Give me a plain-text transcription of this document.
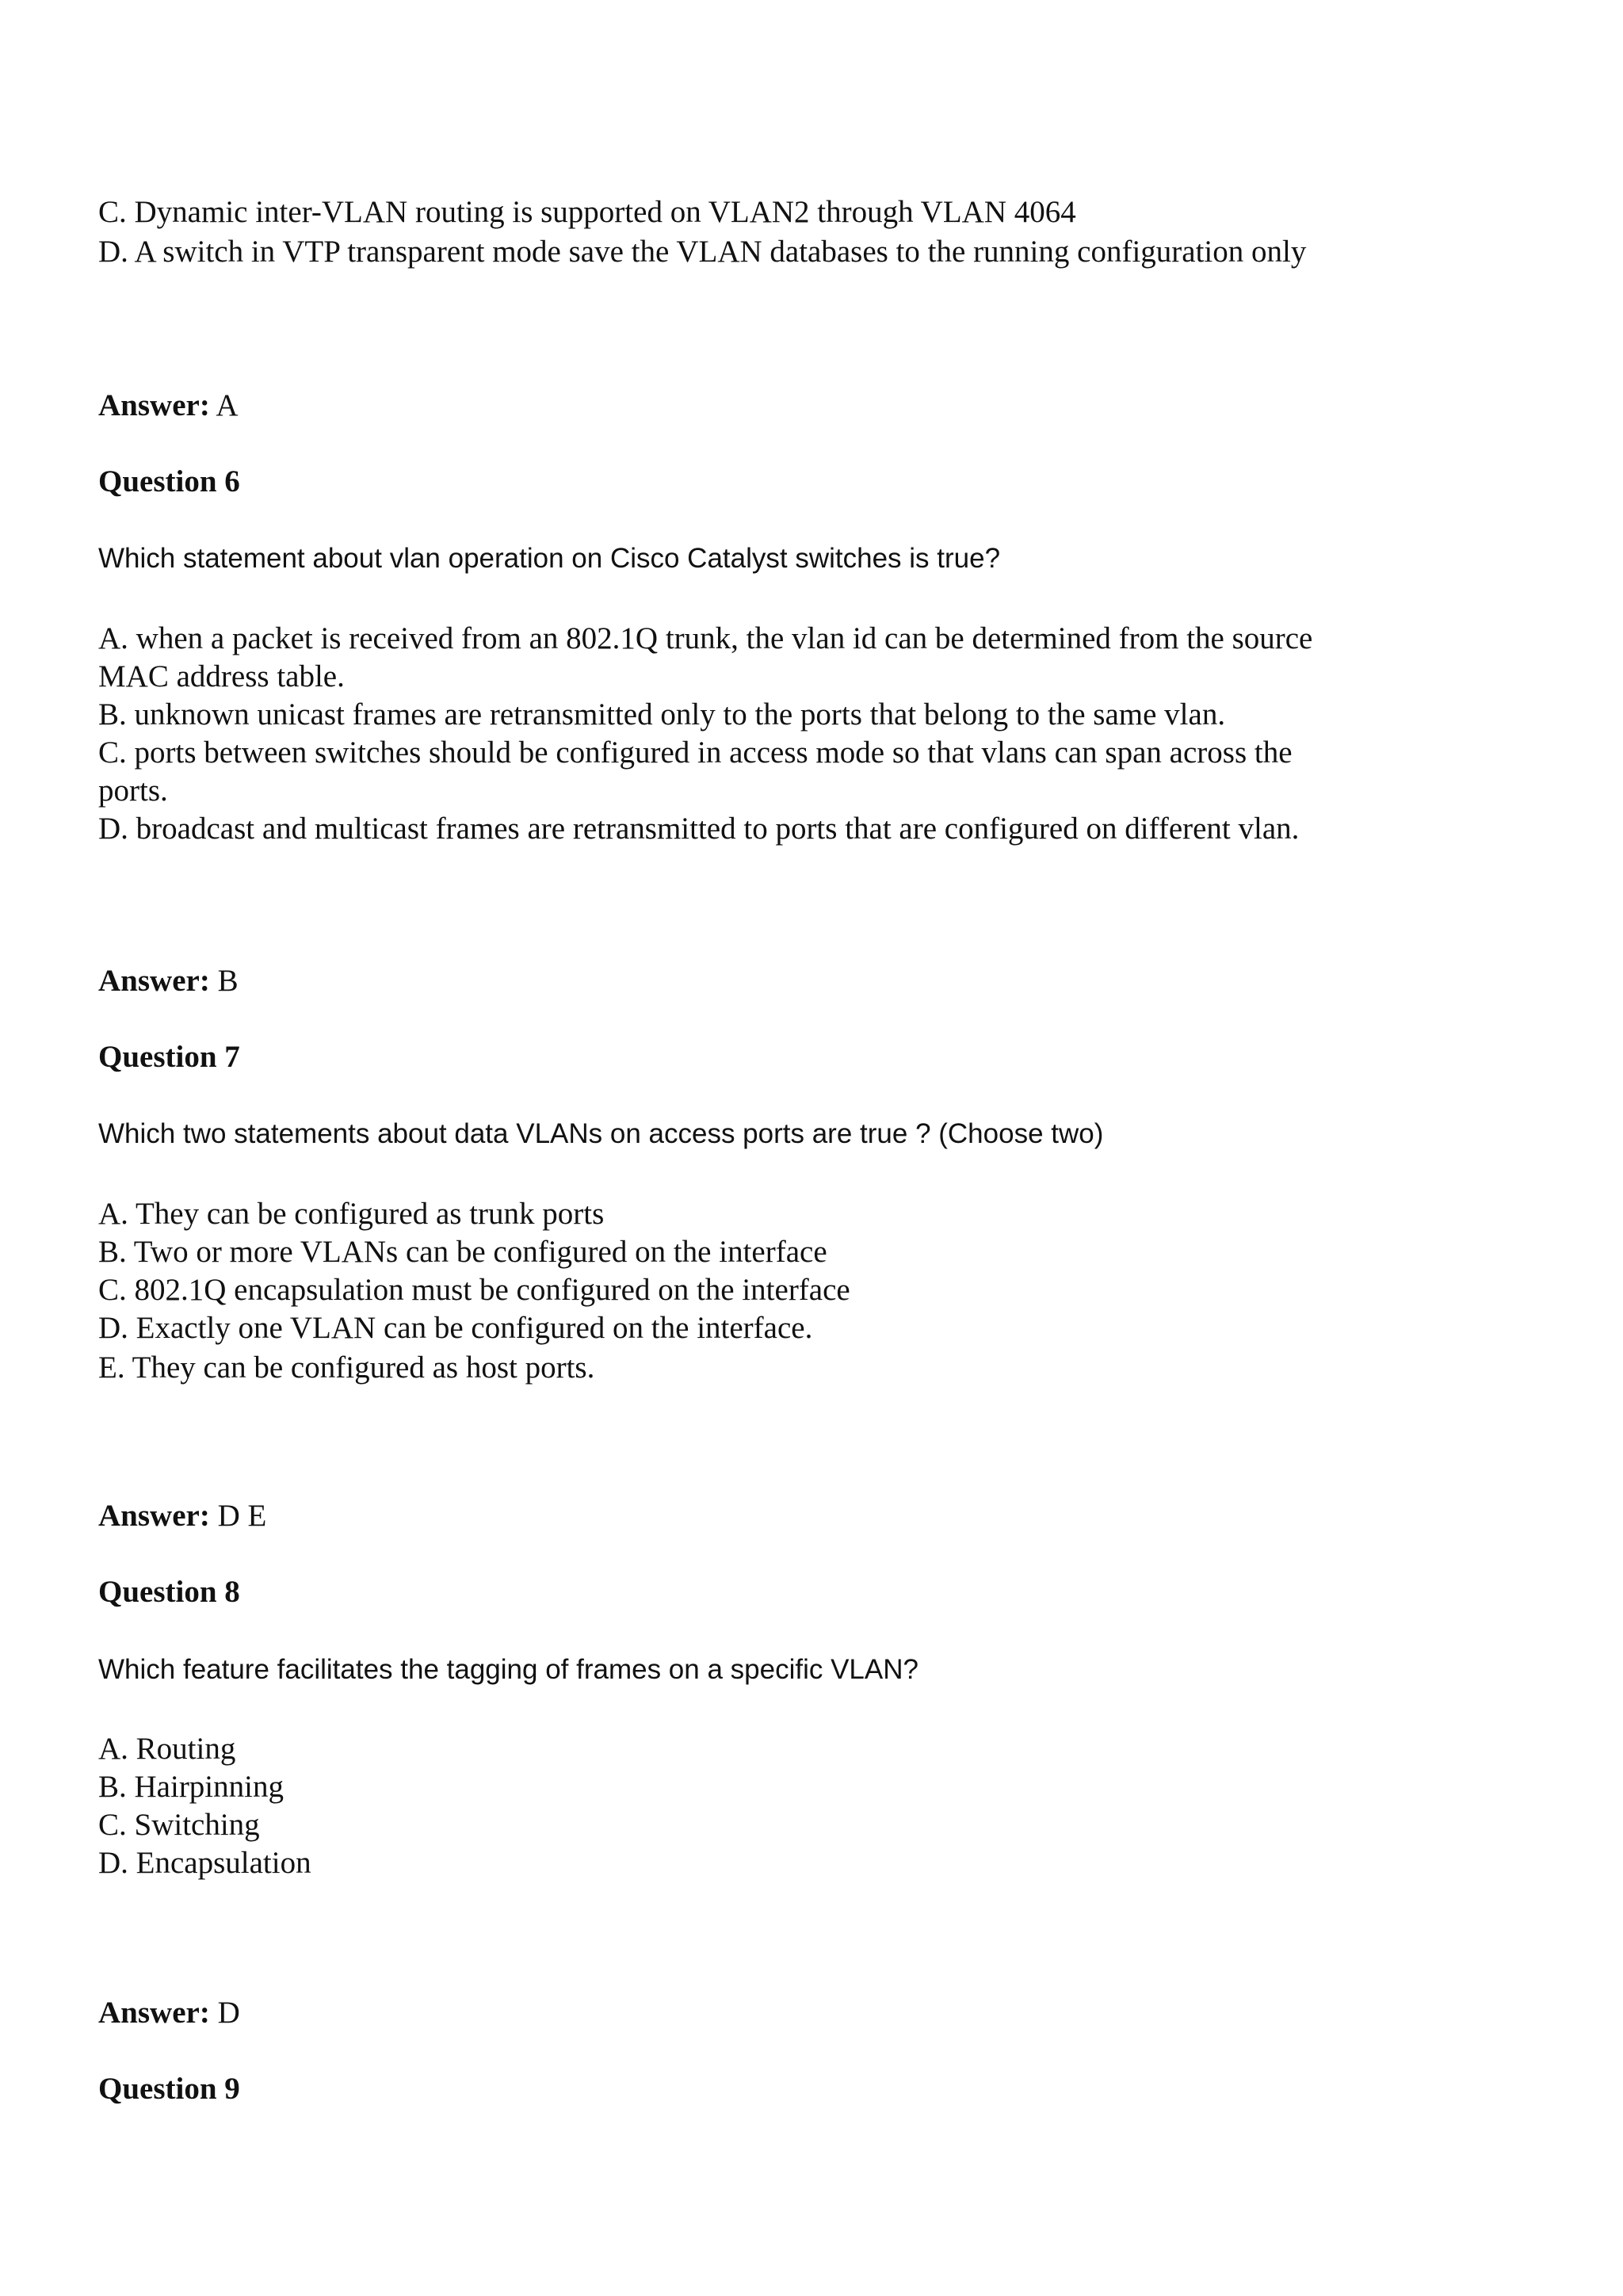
C. Dynamic inter-VLAN routing is supported on VLAN2 through VLAN 4064
D. A switch in VTP transparent mode save the VLAN databases to the running configuration only
Answer: A
Question 6
Which statement about vlan operation on Cisco Catalyst switches is true?
A. when a packet is received from an 802.1Q trunk, the vlan id can be determined from the source
MAC address table.
B. unknown unicast frames are retransmitted only to the ports that belong to the same vlan.
C. ports between switches should be configured in access mode so that vlans can span across the
ports.
D. broadcast and multicast frames are retransmitted to ports that are configured on different vlan.
Answer: B
Question 7
Which two statements about data VLANs on access ports are true ? (Choose two)
A. They can be configured as trunk ports
B. Two or more VLANs can be configured on the interface
C. 802.1Q encapsulation must be configured on the interface
D. Exactly one VLAN can be configured on the interface.
E. They can be configured as host ports.
Answer: D E
Question 8
Which feature facilitates the tagging of frames on a specific VLAN?
A. Routing
B. Hairpinning
C. Switching
D. Encapsulation
Answer: D
Question 9
